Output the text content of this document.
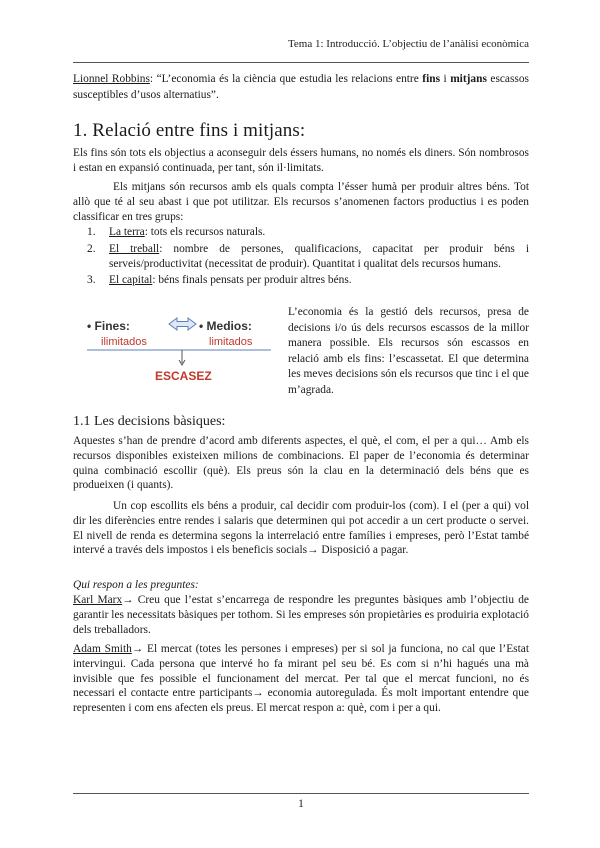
Tema 1: Introducció. L’objectiu de l’anàlisi econòmica

Lionnel Robbins: “L’economia és la ciència que estudia les relacions entre fins i mitjans escassos susceptibles d’usos alternatius”.

1. Relació entre fins i mitjans:

Els fins són tots els objectius a aconseguir dels éssers humans, no només els diners. Són nombrosos i estan en expansió continuada, per tant, són il·limitats.

Els mitjans són recursos amb els quals compta l’ésser humà per produir altres béns. Tot allò que té al seu abast i que pot utilitzar. Els recursos s’anomenen factors productius i es poden classificar en tres grups:

1. La terra: tots els recursos naturals.
2. El treball: nombre de persones, qualificacions, capacitat per produir béns i serveis/productivitat (necessitat de produir). Quantitat i qualitat dels recursos humans.
3. El capital: béns finals pensats per produir altres béns.
• Fines:
ilimitados
• Medios:
limitados
ESCASEZ

L’economia és la gestió dels recursos, presa de decisions i/o ús dels recursos escassos de la millor manera possible. Els recursos són escassos en relació amb els fins: l’escassetat. El que determina les meves decisions són els recursos que tinc i el que m’agrada.

1.1 Les decisions bàsiques:

Aquestes s’han de prendre d’acord amb diferents aspectes, el què, el com, el per a qui… Amb els recursos disponibles existeixen milions de combinacions. El paper de l’economia és determinar quina combinació escollir (què). Els preus són la clau en la determinació dels béns que es produeixen (i quants).

Un cop escollits els béns a produir, cal decidir com produir-los (com). I el (per a qui) vol dir les diferències entre rendes i salaris que determinen qui pot accedir a un cert producte o servei. El nivell de renda es determina segons la interrelació entre famílies i empreses, però l’Estat també intervé a través dels impostos i els beneficis socials→ Disposició a pagar.

Qui respon a les preguntes:

Karl Marx→ Creu que l’estat s’encarrega de respondre les preguntes bàsiques amb l’objectiu de garantir les necessitats bàsiques per tothom. Si les empreses són propietàries es produiria explotació dels treballadors.

Adam Smith→ El mercat (totes les persones i empreses) per si sol ja funciona, no cal que l’Estat intervingui. Cada persona que intervé ho fa mirant pel seu bé. Es com si n’hi hagués una mà invisible que fes possible el funcionament del mercat. Per tal que el mercat funcioni, no és necessari el contacte entre participants→ economia autoregulada. És molt important entendre que representen i com ens afecten els preus. El mercat respon a: què, com i per a qui.

1
